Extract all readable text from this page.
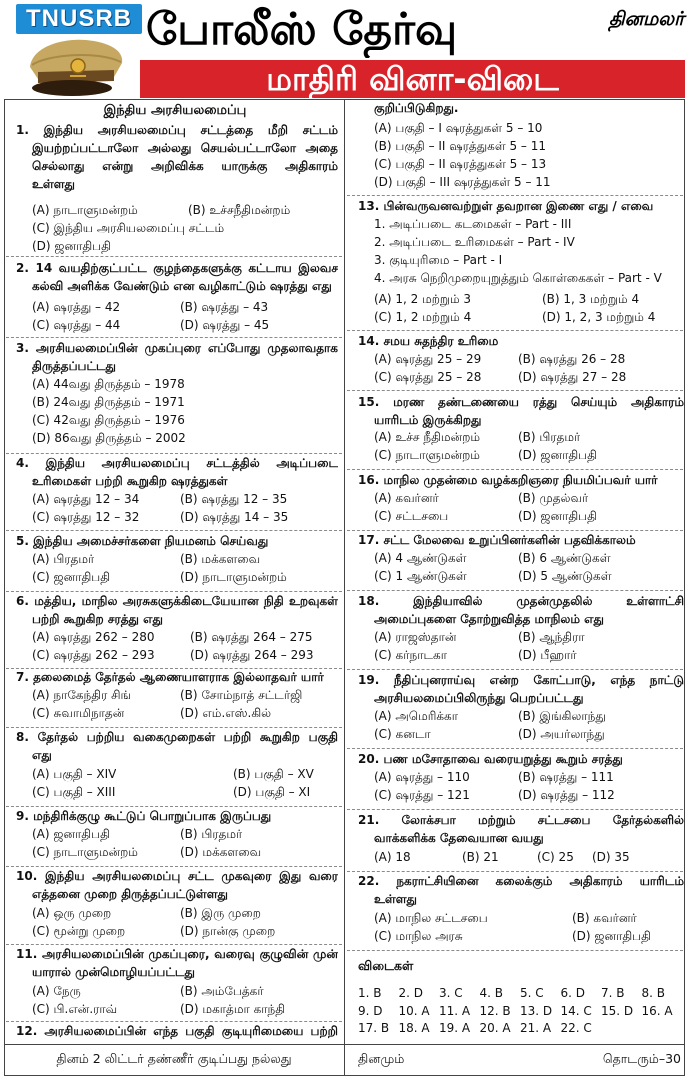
TNUSRB போலீஸ் தேர்வு	தினமலர்
மாதிரி வினா-விடை
இந்திய அரசியலமைப்பு
விடைகள்
தினம் 2 லிட்டர் தண்ணீர் குடிப்பது நல்லது	தினமும்	தொடரும்–30
1. இந்திய அரசியலமைப்பு சட்டத்தை மீறி சட்டம்
இயற்றப்பட்டாலோ அல்லது செயல்பட்டாலோ அதை
செல்லாது என்று அறிவிக்க யாருக்கு அதிகாரம்
உள்ளது
(A) நாடாளுமன்றம்	(B) உச்சநீதிமன்றம்
(C) இந்திய அரசியலமைப்பு சட்டம்
(D) ஜனாதிபதி
2. 14 வயதிற்குட்பட்ட குழந்தைகளுக்கு கட்டாய இலவச
கல்வி அளிக்க வேண்டும் என வழிகாட்டும் ஷரத்து எது
(A) ஷரத்து – 42	(B) ஷரத்து – 43
(C) ஷரத்து – 44	(D) ஷரத்து – 45
3. அரசியலமைப்பின் முகப்புரை எப்போது முதலாவதாக
திருத்தப்பட்டது
(A) 44வது திருத்தம் – 1978
(B) 24வது திருத்தம் – 1971
(C) 42வது திருத்தம் – 1976
(D) 86வது திருத்தம் – 2002
4. இந்திய அரசியலமைப்பு சட்டத்தில் அடிப்படை
உரிமைகள் பற்றி கூறுகிற ஷரத்துகள்
(A) ஷரத்து 12 – 34	(B) ஷரத்து 12 – 35
(C) ஷரத்து 12 – 32	(D) ஷரத்து 14 – 35
5. இந்திய அமைச்சர்களை நியமனம் செய்வது
(A) பிரதமர்	(B) மக்களவை
(C) ஜனாதிபதி	(D) நாடாளுமன்றம்
6. மத்திய, மாநில அரசுகளுக்கிடையேயான நிதி உறவுகள்
பற்றி கூறுகிற சரத்து எது
(A) ஷரத்து 262 – 280	(B) ஷரத்து 264 – 275
(C) ஷரத்து 262 – 293	(D) ஷரத்து 264 – 293
7. தலைமைத் தேர்தல் ஆணையாளராக இல்லாதவர் யார்
(A) நாகேந்திர சிங்	(B) சோம்நாத் சட்டர்ஜி
(C) சுவாமிநாதன்	(D) எம்.எஸ்.கில்
8. தேர்தல் பற்றிய வகைமுறைகள் பற்றி கூறுகிற பகுதி
எது
(A) பகுதி – XIV	(B) பகுதி – XV
(C) பகுதி – XIII	(D) பகுதி – XI
9. மந்திரிக்குழு கூட்டுப் பொறுப்பாக இருப்பது
(A) ஜனாதிபதி	(B) பிரதமர்
(C) நாடாளுமன்றம்	(D) மக்களவை
10. இந்திய அரசியலமைப்பு சட்ட முகவுரை இது வரை
எத்தனை முறை திருத்தப்பட்டுள்ளது
(A) ஒரு முறை	(B) இரு முறை
(C) மூன்று முறை	(D) நான்கு முறை
11. அரசியலமைப்பின் முகப்புரை, வரைவு குழுவின் முன்
யாரால் முன்மொழியப்பட்டது
(A) நேரு	(B) அம்பேத்கர்
(C) பி.என்.ராவ்	(D) மகாத்மா காந்தி
12. அரசியலமைப்பின் எந்த பகுதி குடியுரிமையை பற்றி
குறிப்பிடுகிறது.
(A) பகுதி – I ஷரத்துகள் 5 – 10
(B) பகுதி – II ஷரத்துகள் 5 – 11
(C) பகுதி – II ஷரத்துகள் 5 – 13
(D) பகுதி – III ஷரத்துகள் 5 – 11
13. பின்வருவனவற்றுள் தவறான இணை எது / எவை
1. அடிப்படை கடமைகள் – Part - III
2. அடிப்படை உரிமைகள் – Part - IV
3. குடியுரிமை – Part - I
4. அரசு நெறிமுறையுறுத்தும் கொள்கைகள் – Part - V
(A) 1, 2 மற்றும் 3	(B) 1, 3 மற்றும் 4
(C) 1, 2 மற்றும் 4	(D) 1, 2, 3 மற்றும் 4
14. சமய சுதந்திர உரிமை
(A) ஷரத்து 25 – 29	(B) ஷரத்து 26 – 28
(C) ஷரத்து 25 – 28	(D) ஷரத்து 27 – 28
15. மரண தண்டணையை ரத்து செய்யும் அதிகாரம்
யாரிடம் இருக்கிறது
(A) உச்ச நீதிமன்றம்	(B) பிரதமர்
(C) நாடாளுமன்றம்	(D) ஜனாதிபதி
16. மாநில முதன்மை வழக்கறிஞரை நியமிப்பவர் யார்
(A) கவர்னர்	(B) முதல்வர்
(C) சட்டசபை	(D) ஜனாதிபதி
17. சட்ட மேலவை உறுப்பினர்களின் பதவிக்காலம்
(A) 4 ஆண்டுகள்	(B) 6 ஆண்டுகள்
(C) 1 ஆண்டுகள்	(D) 5 ஆண்டுகள்
18.	இந்தியாவில் முதன்முதலில் உள்ளாட்சி
அமைப்புகளை தோற்றுவித்த மாநிலம் எது
(A) ராஜஸ்தான்	(B) ஆந்திரா
(C) கர்நாடகா	(D) பீஹார்
19. நீதிப்புனராய்வு என்ற கோட்பாடு, எந்த நாட்டு
அரசியலமைப்பிலிருந்து பெறப்பட்டது
(A) அமெரிக்கா	(B) இங்கிலாந்து
(C) கனடா	(D) அயர்லாந்து
20. பண மசோதாவை வரையறுத்து கூறும் சரத்து
(A) ஷரத்து – 110	(B) ஷரத்து – 111
(C) ஷரத்து – 121	(D) ஷரத்து – 112
21. லோக்சபா மற்றும் சட்டசபை தேர்தல்களில்
வாக்களிக்க தேவையான வயது
(A) 18	(B) 21	(C) 25 (D) 35
22. நகராட்சியினை கலைக்கும் அதிகாரம் யாரிடம்
உள்ளது
(A) மாநில சட்டசபை	(B) கவர்னர்
(C) மாநில அரசு	(D) ஜனாதிபதி
1. B 2. D 3. C 4. B 5. C 6. D 7. B 8. B
9. D 10. A 11. A 12. B 13. D 14. C 15. D 16. A
17. B 18. A 19. A 20. A 21. A 22. C
